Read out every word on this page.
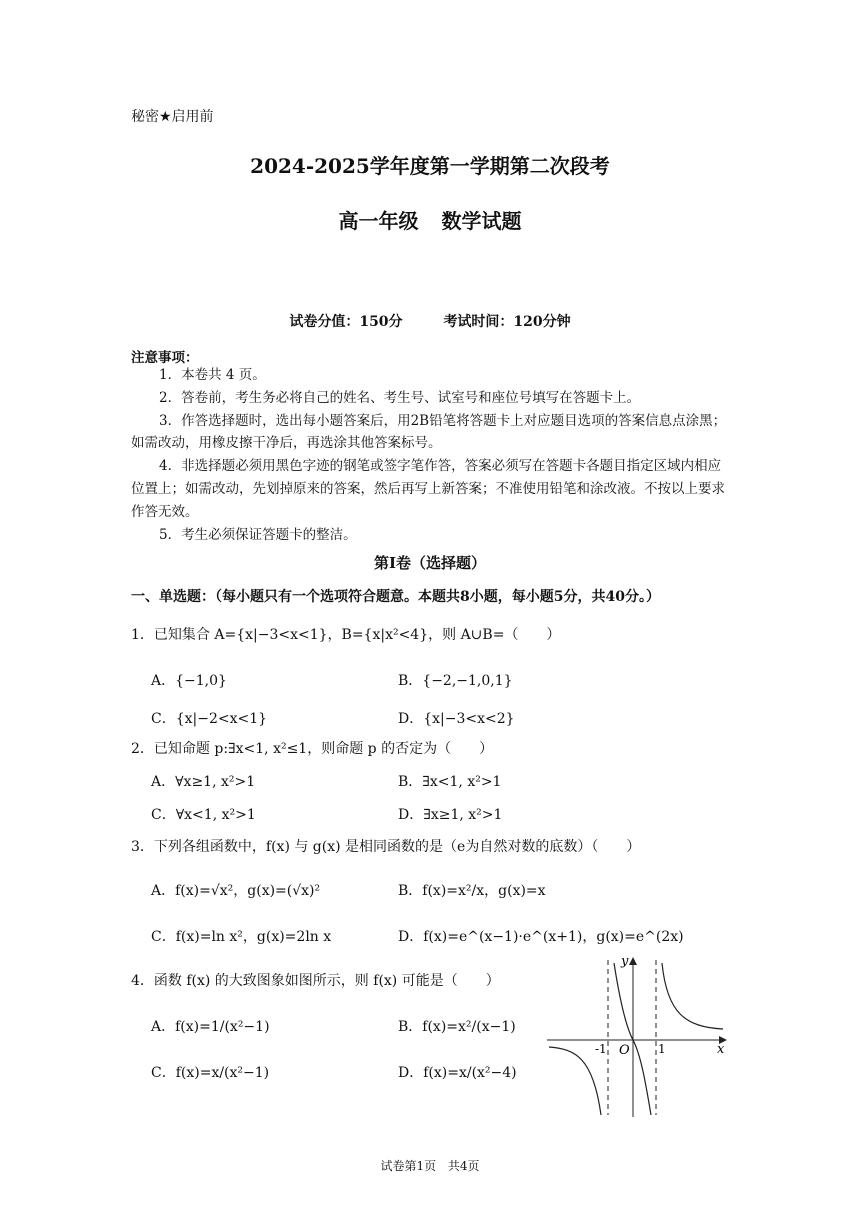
秘密★启用前
2024-2025学年度第一学期第二次段考
高一年级 数学试题
试卷分值：150分	考试时间：120分钟
注意事项：

1．本卷共 4 页。

2．答卷前，考生务必将自己的姓名、考生号、试室号和座位号填写在答题卡上。

3．作答选择题时，选出每小题答案后，用2B铅笔将答题卡上对应题目选项的答案信息点涂黑；如需改动，用橡皮擦干净后，再选涂其他答案标号。

4．非选择题必须用黑色字迹的钢笔或签字笔作答，答案必须写在答题卡各题目指定区域内相应位置上；如需改动，先划掉原来的答案，然后再写上新答案；不准使用铅笔和涂改液。不按以上要求作答无效。

5．考生必须保证答题卡的整洁。

第Ⅰ卷（选择题）
一、单选题：（每小题只有一个选项符合题意。本题共8小题，每小题5分，共40分。）
1．已知集合 A={x|−3<x<1}，B={x|x²<4}，则 A∪B=（　　）
A．{−1,0}	B．{−2,−1,0,1}
C．{x|−2<x<1}	D．{x|−3<x<2}
2．已知命题 p:∃x<1, x²≤1，则命题 p 的否定为（　　）
A．∀x≥1, x²>1	B．∃x<1, x²>1
C．∀x<1, x²>1	D．∃x≥1, x²>1
3．下列各组函数中，f(x) 与 g(x) 是相同函数的是（e为自然对数的底数）（　　）
A．f(x)=√x²，g(x)=(√x)²	B．f(x)=x²/x，g(x)=x
C．f(x)=ln x²，g(x)=2ln x	D．f(x)=e^(x−1)·e^(x+1)，g(x)=e^(2x)
4．函数 f(x) 的大致图象如图所示，则 f(x) 可能是（　　）
A．f(x)=1/(x²−1)	B．f(x)=x²/(x−1)
C．f(x)=x/(x²−1)	D．f(x)=x/(x²−4)
y
x
O
-1	1
试卷第1页 共4页
